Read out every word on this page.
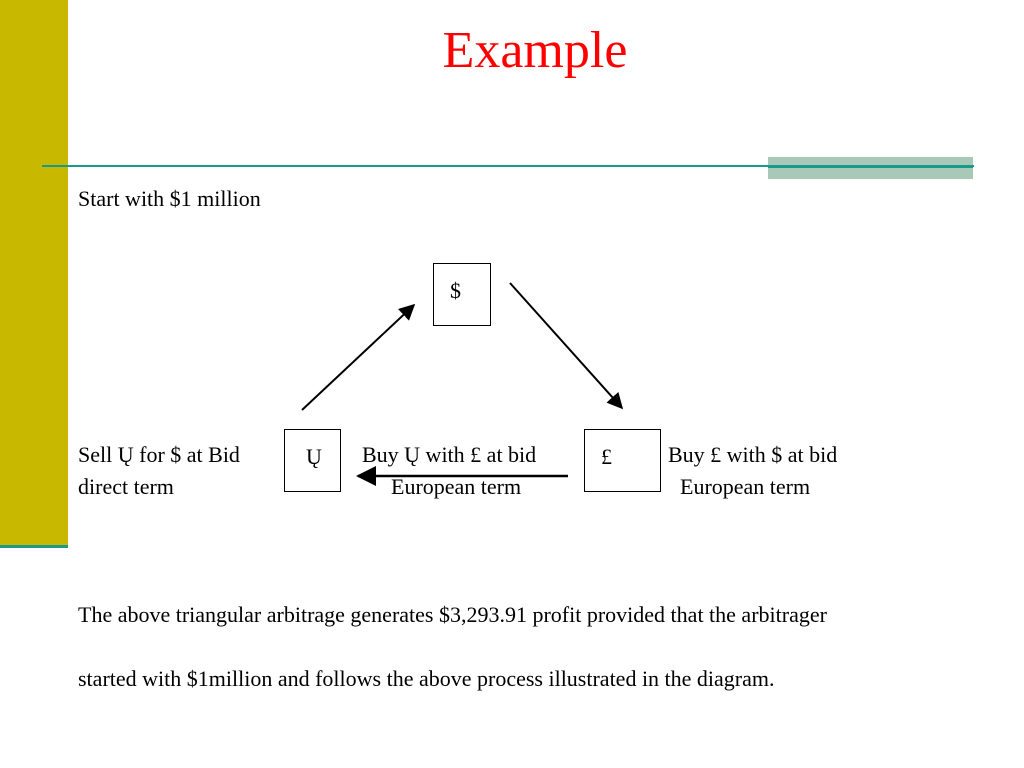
Example
Start with $1 million
$
Ų	£
Sell Ų for $ at Bid
direct term
Buy Ų with £ at bid
European term
Buy £ with $ at bid
European term
The above triangular arbitrage generates $3,293.91 profit provided that the arbitrager
started with $1million and follows the above process illustrated in the diagram.
